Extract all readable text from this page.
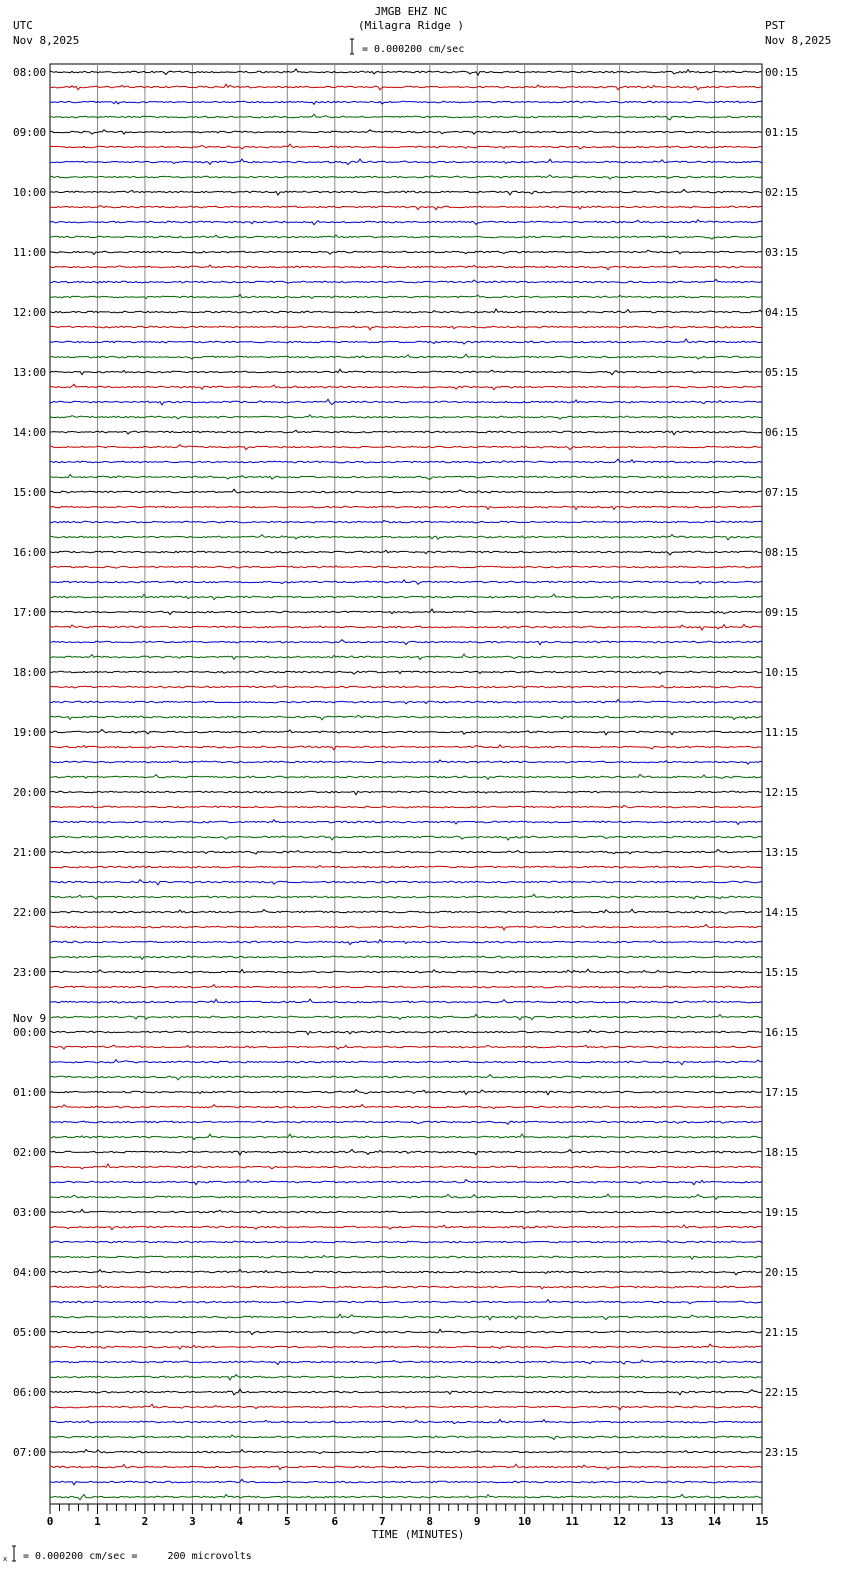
JMGB EHZ NC
(Milagra Ridge )
UTC
Nov 8,2025
PST
Nov 8,2025
= 0.000200 cm/sec
08:00
09:00
10:00
11:00
12:00
13:00
14:00
15:00
16:00
17:00
18:00
19:00
20:00
21:00
22:00
23:00
00:00
Nov 9
01:00
02:00
03:00
04:00
05:00
06:00
07:00
00:15
01:15
02:15
03:15
04:15
05:15
06:15
07:15
08:15
09:15
10:15
11:15
12:15
13:15
14:15
15:15
16:15
17:15
18:15
19:15
20:15
21:15
22:15
23:15
0	1	2	3	4	5	6	7	8	9	10	11	12	13	14	15
TIME (MINUTES)
x = 0.000200 cm/sec =     200 microvolts
